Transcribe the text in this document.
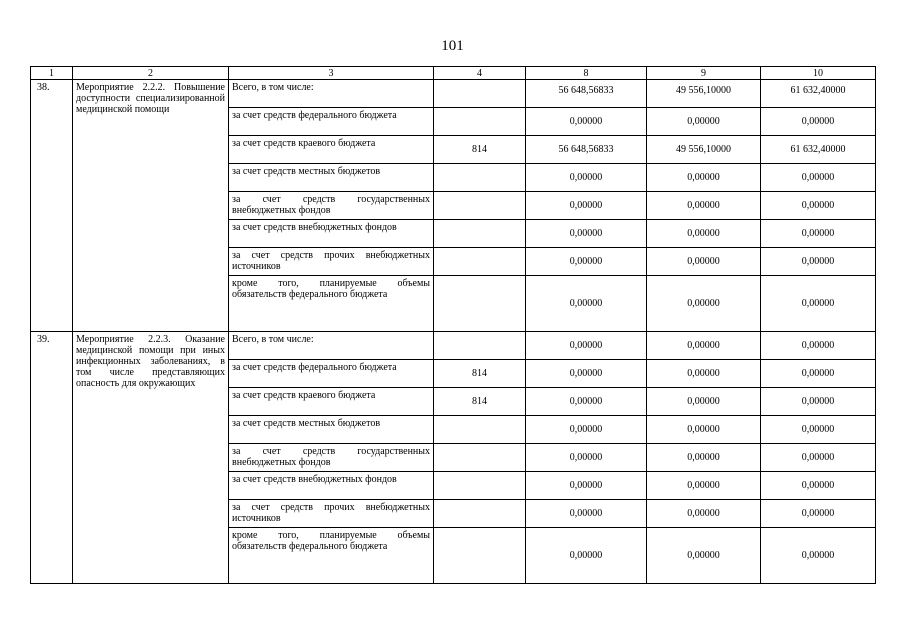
101
1	2	3	4	8	9	10
38.	Мероприятие 2.2.2. Повышение доступности специализированной медицинской помощи	Всего, в том числе:		56 648,56833	49 556,10000	61 632,40000
		за счет средств федерального бюджета		0,00000	0,00000	0,00000
		за счет средств краевого бюджета	814	56 648,56833	49 556,10000	61 632,40000
		за счет средств местных бюджетов		0,00000	0,00000	0,00000
		за счет средств государственных внебюджетных фондов		0,00000	0,00000	0,00000
		за счет средств внебюджетных фондов		0,00000	0,00000	0,00000
		за счет средств прочих внебюджетных источников		0,00000	0,00000	0,00000
		кроме того, планируемые объемы обязательств федерального бюджета		0,00000	0,00000	0,00000
39.	Мероприятие 2.2.3. Оказание медицинской помощи при иных инфекционных заболеваниях, в том числе представляющих опасность для окружающих	Всего, в том числе:		0,00000	0,00000	0,00000
		за счет средств федерального бюджета	814	0,00000	0,00000	0,00000
		за счет средств краевого бюджета	814	0,00000	0,00000	0,00000
		за счет средств местных бюджетов		0,00000	0,00000	0,00000
		за счет средств государственных внебюджетных фондов		0,00000	0,00000	0,00000
		за счет средств внебюджетных фондов		0,00000	0,00000	0,00000
		за счет средств прочих внебюджетных источников		0,00000	0,00000	0,00000
		кроме того, планируемые объемы обязательств федерального бюджета		0,00000	0,00000	0,00000
